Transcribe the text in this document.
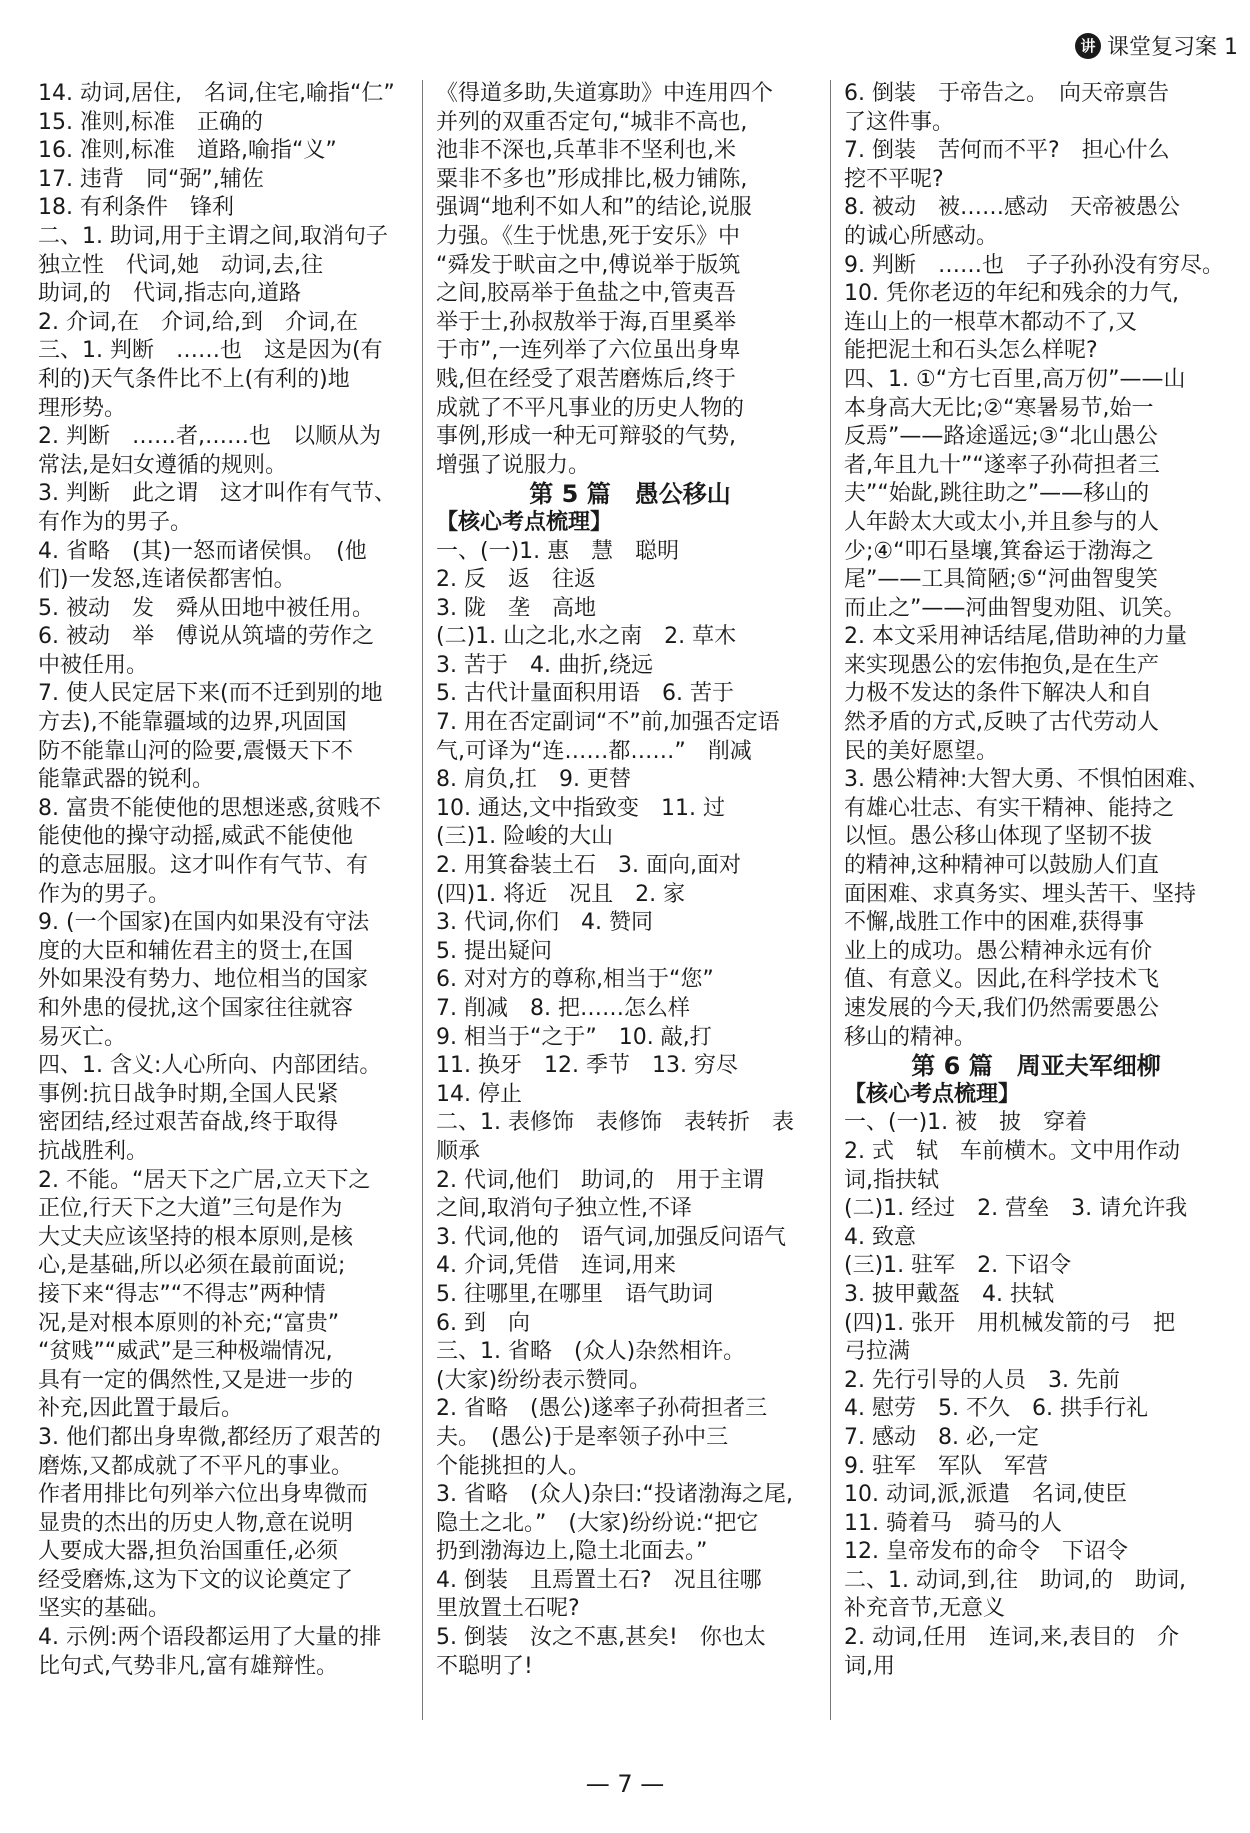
讲 课堂复习案 1
14. 动词,居住,　名词,住宅,喻指“仁”
15. 准则,标准　正确的
16. 准则,标准　道路,喻指“义”
17. 违背　同“弼”,辅佐
18. 有利条件　锋利
二、1. 助词,用于主谓之间,取消句子
独立性　代词,她　动词,去,往
助词,的　代词,指志向,道路
2. 介词,在　介词,给,到　介词,在
三、1. 判断　……也　这是因为(有
利的)天气条件比不上(有利的)地
理形势。
2. 判断　……者,……也　以顺从为
常法,是妇女遵循的规则。
3. 判断　此之谓　这才叫作有气节、
有作为的男子。
4. 省略　(其)一怒而诸侯惧。　(他
们)一发怒,连诸侯都害怕。
5. 被动　发　舜从田地中被任用。
6. 被动　举　傅说从筑墙的劳作之
中被任用。
7. 使人民定居下来(而不迁到别的地
方去),不能靠疆域的边界,巩固国
防不能靠山河的险要,震慑天下不
能靠武器的锐利。
8. 富贵不能使他的思想迷惑,贫贱不
能使他的操守动摇,威武不能使他
的意志屈服。这才叫作有气节、有
作为的男子。
9. (一个国家)在国内如果没有守法
度的大臣和辅佐君主的贤士,在国
外如果没有势力、地位相当的国家
和外患的侵扰,这个国家往往就容
易灭亡。
四、1. 含义:人心所向、内部团结。
事例:抗日战争时期,全国人民紧
密团结,经过艰苦奋战,终于取得
抗战胜利。
2. 不能。“居天下之广居,立天下之
正位,行天下之大道”三句是作为
大丈夫应该坚持的根本原则,是核
心,是基础,所以必须在最前面说;
接下来“得志”“不得志”两种情
况,是对根本原则的补充;“富贵”
“贫贱”“威武”是三种极端情况,
具有一定的偶然性,又是进一步的
补充,因此置于最后。
3. 他们都出身卑微,都经历了艰苦的
磨炼,又都成就了不平凡的事业。
作者用排比句列举六位出身卑微而
显贵的杰出的历史人物,意在说明
人要成大器,担负治国重任,必须
经受磨炼,这为下文的议论奠定了
坚实的基础。
4. 示例:两个语段都运用了大量的排
比句式,气势非凡,富有雄辩性。
《得道多助,失道寡助》中连用四个
并列的双重否定句,“城非不高也,
池非不深也,兵革非不坚利也,米
粟非不多也”形成排比,极力铺陈,
强调“地利不如人和”的结论,说服
力强。《生于忧患,死于安乐》中
“舜发于畎亩之中,傅说举于版筑
之间,胶鬲举于鱼盐之中,管夷吾
举于士,孙叔敖举于海,百里奚举
于市”,一连列举了六位虽出身卑
贱,但在经受了艰苦磨炼后,终于
成就了不平凡事业的历史人物的
事例,形成一种无可辩驳的气势,
增强了说服力。
第 5 篇　愚公移山
【核心考点梳理】
一、(一)1. 惠　慧　聪明
2. 反　返　往返
3. 陇　垄　高地
(二)1. 山之北,水之南　2. 草木
3. 苦于　4. 曲折,绕远
5. 古代计量面积用语　6. 苦于
7. 用在否定副词“不”前,加强否定语
气,可译为“连……都……”　削减
8. 肩负,扛　9. 更替
10. 通达,文中指致变　11. 过
(三)1. 险峻的大山
2. 用箕畚装土石　3. 面向,面对
(四)1. 将近　况且　2. 家
3. 代词,你们　4. 赞同
5. 提出疑问
6. 对对方的尊称,相当于“您”
7. 削减　8. 把……怎么样
9. 相当于“之于”　10. 敲,打
11. 换牙　12. 季节　13. 穷尽
14. 停止
二、1. 表修饰　表修饰　表转折　表
顺承
2. 代词,他们　助词,的　用于主谓
之间,取消句子独立性,不译
3. 代词,他的　语气词,加强反问语气
4. 介词,凭借　连词,用来
5. 往哪里,在哪里　语气助词
6. 到　向
三、1. 省略　(众人)杂然相许。
(大家)纷纷表示赞同。
2. 省略　(愚公)遂率子孙荷担者三
夫。　(愚公)于是率领子孙中三
个能挑担的人。
3. 省略　(众人)杂曰:“投诸渤海之尾,
隐土之北。”　(大家)纷纷说:“把它
扔到渤海边上,隐土北面去。”
4. 倒装　且焉置土石?　况且往哪
里放置土石呢?
5. 倒装　汝之不惠,甚矣!　你也太
不聪明了!
6. 倒装　于帝告之。　向天帝禀告
了这件事。
7. 倒装　苦何而不平?　担心什么
挖不平呢?
8. 被动　被……感动　天帝被愚公
的诚心所感动。
9. 判断　……也　子子孙孙没有穷尽。
10. 凭你老迈的年纪和残余的力气,
连山上的一根草木都动不了,又
能把泥土和石头怎么样呢?
四、1. ①“方七百里,高万仞”——山
本身高大无比;②“寒暑易节,始一
反焉”——路途遥远;③“北山愚公
者,年且九十”“遂率子孙荷担者三
夫”“始龀,跳往助之”——移山的
人年龄太大或太小,并且参与的人
少;④“叩石垦壤,箕畚运于渤海之
尾”——工具简陋;⑤“河曲智叟笑
而止之”——河曲智叟劝阻、讥笑。
2. 本文采用神话结尾,借助神的力量
来实现愚公的宏伟抱负,是在生产
力极不发达的条件下解决人和自
然矛盾的方式,反映了古代劳动人
民的美好愿望。
3. 愚公精神:大智大勇、不惧怕困难、
有雄心壮志、有实干精神、能持之
以恒。愚公移山体现了坚韧不拔
的精神,这种精神可以鼓励人们直
面困难、求真务实、埋头苦干、坚持
不懈,战胜工作中的困难,获得事
业上的成功。愚公精神永远有价
值、有意义。因此,在科学技术飞
速发展的今天,我们仍然需要愚公
移山的精神。
第 6 篇　周亚夫军细柳
【核心考点梳理】
一、(一)1. 被　披　穿着
2. 式　轼　车前横木。文中用作动
词,指扶轼
(二)1. 经过　2. 营垒　3. 请允许我
4. 致意
(三)1. 驻军　2. 下诏令
3. 披甲戴盔　4. 扶轼
(四)1. 张开　用机械发箭的弓　把
弓拉满
2. 先行引导的人员　3. 先前
4. 慰劳　5. 不久　6. 拱手行礼
7. 感动　8. 必,一定
9. 驻军　军队　军营
10. 动词,派,派遣　名词,使臣
11. 骑着马　骑马的人
12. 皇帝发布的命令　下诏令
二、1. 动词,到,往　助词,的　助词,
补充音节,无意义
2. 动词,任用　连词,来,表目的　介
词,用
— 7 —
